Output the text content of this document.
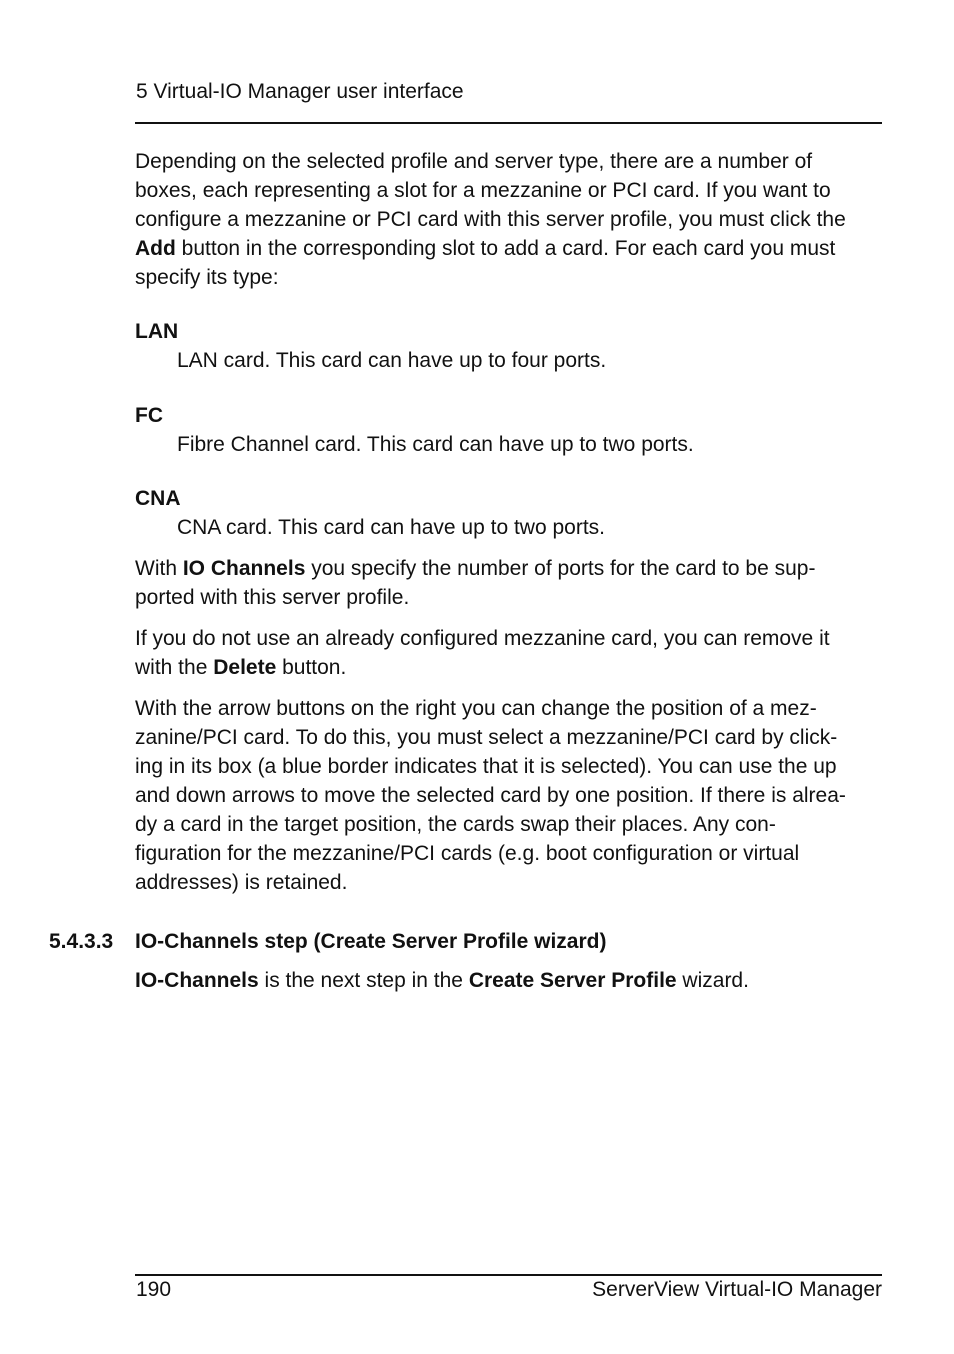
5 Virtual-IO Manager user interface
Depending on the selected profile and server type, there are a number of
boxes, each representing a slot for a mezzanine or PCI card. If you want to
configure a mezzanine or PCI card with this server profile, you must click the
Add button in the corresponding slot to add a card. For each card you must
specify its type:
LAN
LAN card. This card can have up to four ports.
FC
Fibre Channel card. This card can have up to two ports.
CNA
CNA card. This card can have up to two ports.
With IO Channels you specify the number of ports for the card to be sup-
ported with this server profile.
If you do not use an already configured mezzanine card, you can remove it
with the Delete button.
With the arrow buttons on the right you can change the position of a mez-
zanine/PCI card. To do this, you must select a mezzanine/PCI card by click-
ing in its box (a blue border indicates that it is selected). You can use the up
and down arrows to move the selected card by one position. If there is alrea-
dy a card in the target position, the cards swap their places. Any con-
figuration for the mezzanine/PCI cards (e.g. boot configuration or virtual
addresses) is retained.
5.4.3.3 IO-Channels step (Create Server Profile wizard)
IO-Channels is the next step in the Create Server Profile wizard.
190	ServerView Virtual-IO Manager
